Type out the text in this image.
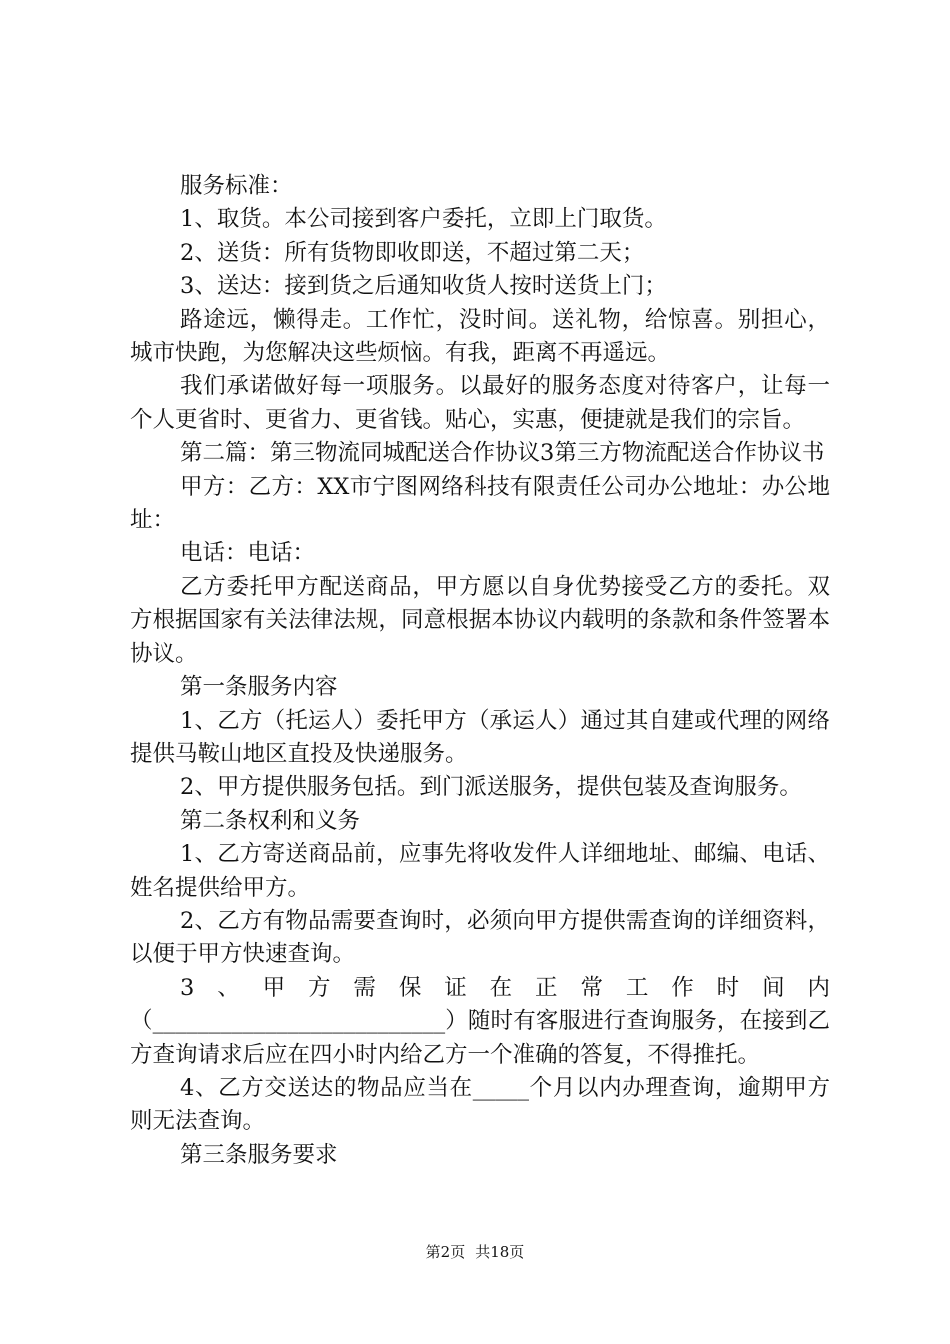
服务标准：

1、取货。本公司接到客户委托，立即上门取货。

2、送货：所有货物即收即送，不超过第二天；

3、送达：接到货之后通知收货人按时送货上门；

路途远，懒得走。工作忙，没时间。送礼物，给惊喜。别担心，城市快跑，为您解决这些烦恼。有我，距离不再遥远。

我们承诺做好每一项服务。以最好的服务态度对待客户，让每一个人更省时、更省力、更省钱。贴心，实惠，便捷就是我们的宗旨。

第二篇：第三物流同城配送合作协议3第三方物流配送合作协议书

甲方：乙方：XX市宁图网络科技有限责任公司办公地址：办公地址：

电话：电话：

乙方委托甲方配送商品，甲方愿以自身优势接受乙方的委托。双方根据国家有关法律法规，同意根据本协议内载明的条款和条件签署本协议。

第一条服务内容

1、乙方（托运人）委托甲方（承运人）通过其自建或代理的网络提供马鞍山地区直投及快递服务。

2、甲方提供服务包括。到门派送服务，提供包装及查询服务。

第二条权利和义务

1、乙方寄送商品前，应事先将收发件人详细地址、邮编、电话、姓名提供给甲方。

2、乙方有物品需要查询时，必须向甲方提供需查询的详细资料，以便于甲方快速查询。

3、甲方需保证在正常工作时间内（__________________________）随时有客服进行查询服务，在接到乙方查询请求后应在四小时内给乙方一个准确的答复，不得推托。

4、乙方交送达的物品应当在_____个月以内办理查询，逾期甲方则无法查询。

第三条服务要求

第2页 共18页
